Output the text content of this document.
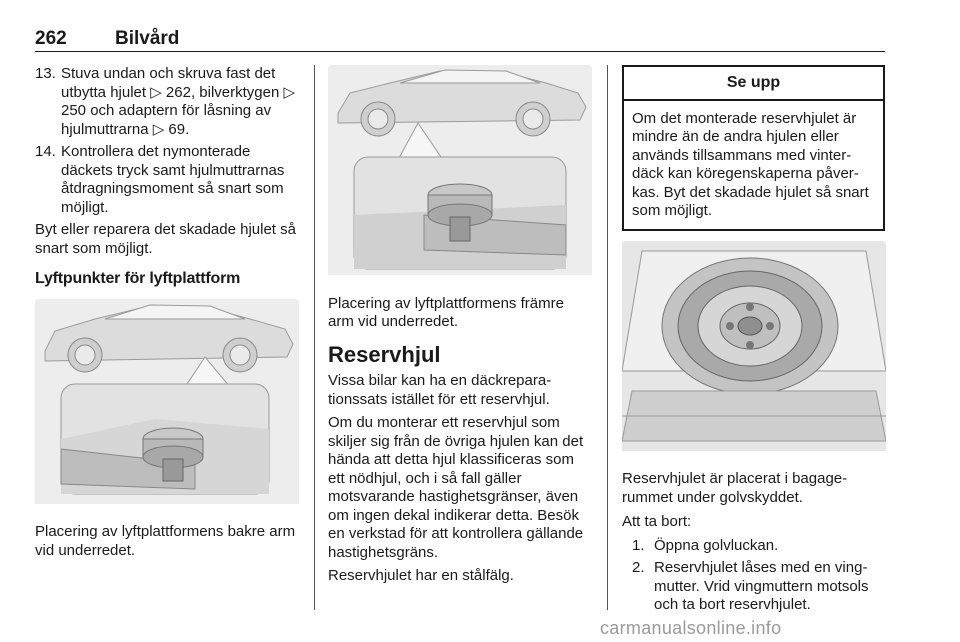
262	Bilvård
13. Stuva undan och skruva fast det utbytta hjulet ▷ 262, bilverktygen ▷ 250 och adaptern för låsning av hjulmuttrarna ▷ 69.
14. Kontrollera det nymonterade däckets tryck samt hjulmuttrarnas åtdragningsmoment så snart som möjligt.
Byt eller reparera det skadade hjulet så snart som möjligt.
Lyftpunkter för lyftplattform
Placering av lyftplattformens bakre arm vid underredet.
Placering av lyftplattformens främre arm vid underredet.
Reservhjul
Vissa bilar kan ha en däckreparationssats istället för ett reservhjul.
Om du monterar ett reservhjul som skiljer sig från de övriga hjulen kan det hända att detta hjul klassificeras som ett nödhjul, och i så fall gäller motsvarande hastighetsgränser, även om ingen dekal indikerar detta. Besök en verkstad för att kontrollera gällande hastighetsgräns.
Reservhjulet har en stålfälg.
Se upp
Om det monterade reservhjulet är mindre än de andra hjulen eller används tillsammans med vinterdäck kan köregenskaperna påverkas. Byt det skadade hjulet så snart som möjligt.
Reservhjulet är placerat i bagagerummet under golvskyddet.
Att ta bort:
1. Öppna golvluckan.
2. Reservhjulet låses med en vingmutter. Vrid vingmuttern motsols och ta bort reservhjulet.
carmanualsonline.info
